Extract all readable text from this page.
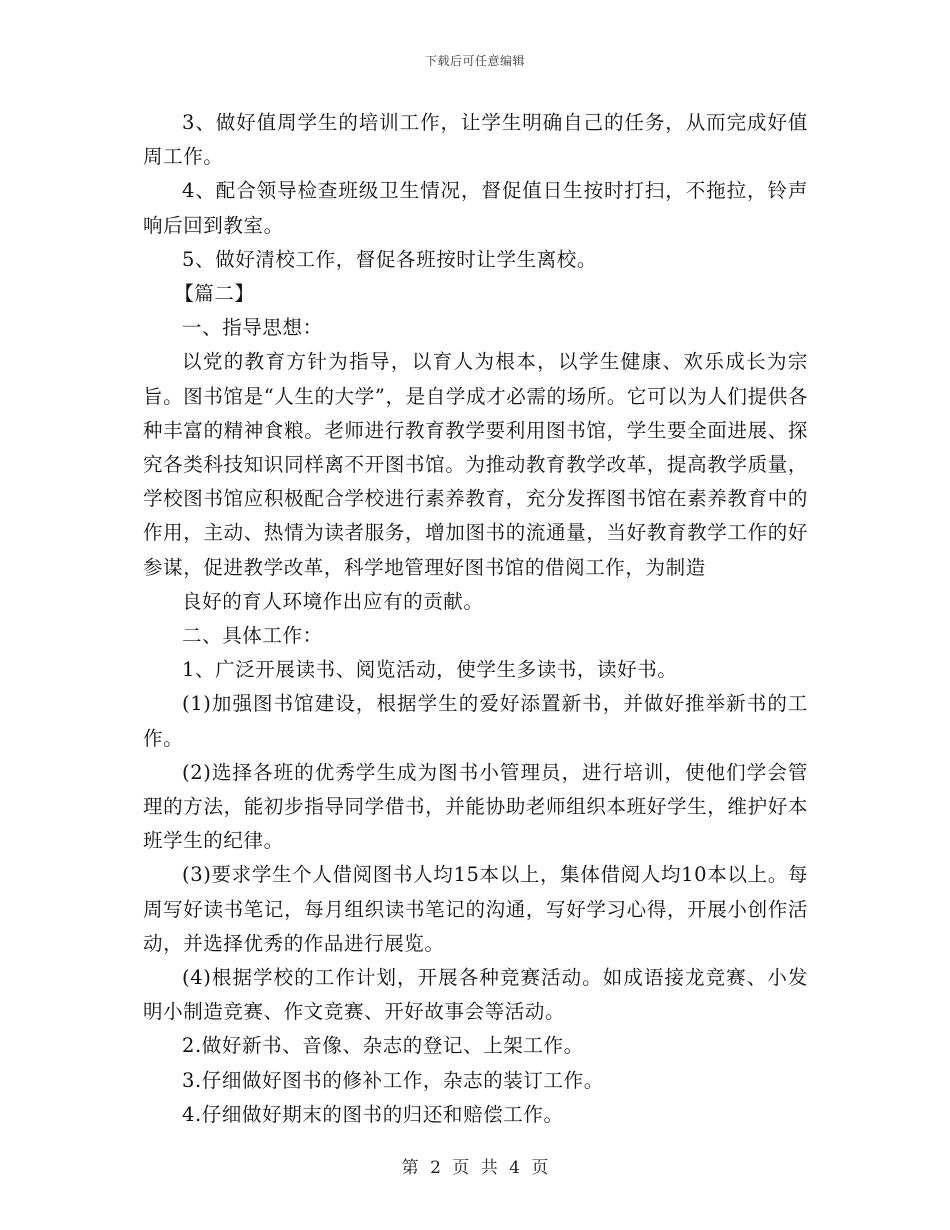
下载后可任意编辑

3、做好值周学生的培训工作，让学生明确自己的任务，从而完成好值周工作。

4、配合领导检查班级卫生情况，督促值日生按时打扫，不拖拉，铃声响后回到教室。

5、做好清校工作，督促各班按时让学生离校。

【篇二】

一、指导思想：

以党的教育方针为指导，以育人为根本，以学生健康、欢乐成长为宗旨。图书馆是“人生的大学”，是自学成才必需的场所。它可以为人们提供各种丰富的精神食粮。老师进行教育教学要利用图书馆，学生要全面进展、探究各类科技知识同样离不开图书馆。为推动教育教学改革，提高教学质量，学校图书馆应积极配合学校进行素养教育，充分发挥图书馆在素养教育中的作用，主动、热情为读者服务，增加图书的流通量，当好教育教学工作的好参谋，促进教学改革，科学地管理好图书馆的借阅工作，为制造

良好的育人环境作出应有的贡献。

二、具体工作：

1、广泛开展读书、阅览活动，使学生多读书，读好书。

(1)加强图书馆建设，根据学生的爱好添置新书，并做好推举新书的工作。

(2)选择各班的优秀学生成为图书小管理员，进行培训，使他们学会管理的方法，能初步指导同学借书，并能协助老师组织本班好学生，维护好本班学生的纪律。

(3)要求学生个人借阅图书人均15本以上，集体借阅人均10本以上。每周写好读书笔记，每月组织读书笔记的沟通，写好学习心得，开展小创作活动，并选择优秀的作品进行展览。

(4)根据学校的工作计划，开展各种竞赛活动。如成语接龙竞赛、小发明小制造竞赛、作文竞赛、开好故事会等活动。

2.做好新书、音像、杂志的登记、上架工作。

3.仔细做好图书的修补工作，杂志的装订工作。

4.仔细做好期末的图书的归还和赔偿工作。

第 2 页 共 4 页
